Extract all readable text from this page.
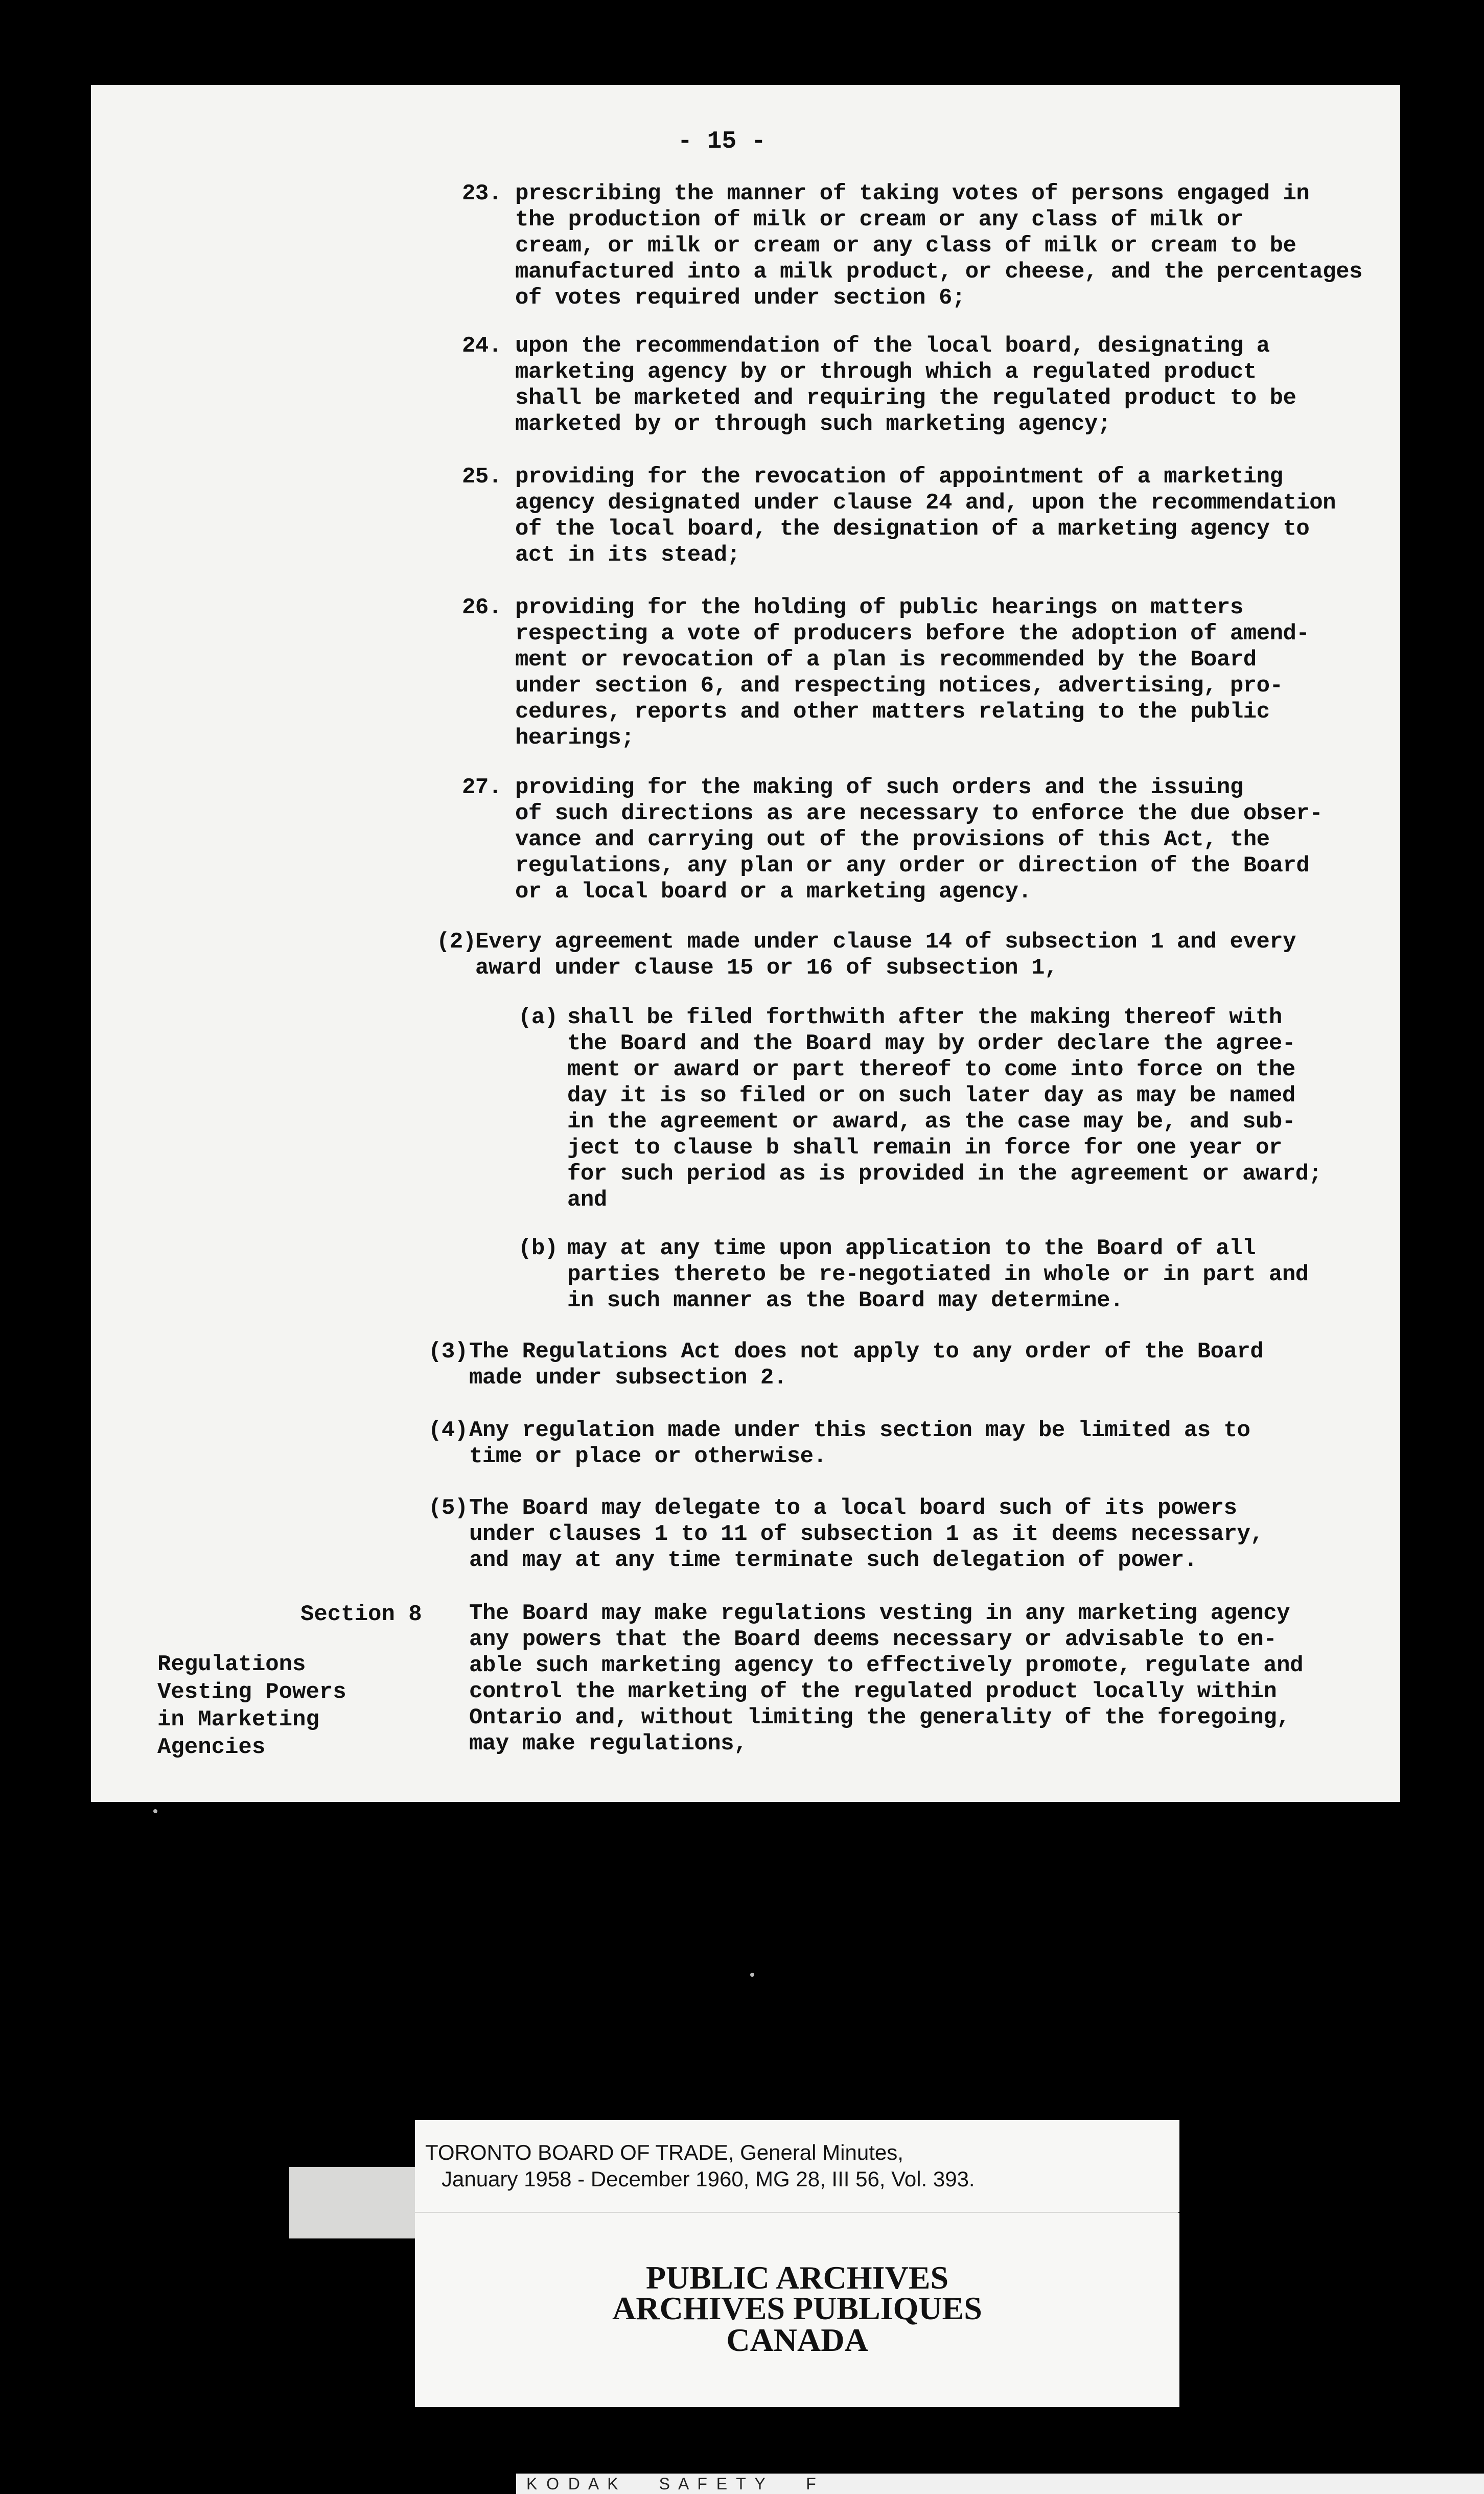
- 15 -
23. prescribing the manner of taking votes of persons engaged in
the production of milk or cream or any class of milk or
cream, or milk or cream or any class of milk or cream to be
manufactured into a milk product, or cheese, and the percentages
of votes required under section 6;
24. upon the recommendation of the local board, designating a
marketing agency by or through which a regulated product
shall be marketed and requiring the regulated product to be
marketed by or through such marketing agency;
25. providing for the revocation of appointment of a marketing
agency designated under clause 24 and, upon the recommendation
of the local board, the designation of a marketing agency to
act in its stead;
26. providing for the holding of public hearings on matters
respecting a vote of producers before the adoption of amend-
ment or revocation of a plan is recommended by the Board
under section 6, and respecting notices, advertising, pro-
cedures, reports and other matters relating to the public
hearings;
27. providing for the making of such orders and the issuing
of such directions as are necessary to enforce the due obser-
vance and carrying out of the provisions of this Act, the
regulations, any plan or any order or direction of the Board
or a local board or a marketing agency.
(2)
Every agreement made under clause 14 of subsection 1 and every
award under clause 15 or 16 of subsection 1,
(a) shall be filed forthwith after the making thereof with
the Board and the Board may by order declare the agree-
ment or award or part thereof to come into force on the
day it is so filed or on such later day as may be named
in the agreement or award, as the case may be, and sub-
ject to clause b shall remain in force for one year or
for such period as is provided in the agreement or award;
and
(b) may at any time upon application to the Board of all
parties thereto be re-negotiated in whole or in part and
in such manner as the Board may determine.
(3) The Regulations Act does not apply to any order of the Board
made under subsection 2.
(4) Any regulation made under this section may be limited as to
time or place or otherwise.
(5) The Board may delegate to a local board such of its powers
under clauses 1 to 11 of subsection 1 as it deems necessary,
and may at any time terminate such delegation of power.
Section 8
Regulations
Vesting Powers
in Marketing
Agencies
The Board may make regulations vesting in any marketing agency
any powers that the Board deems necessary or advisable to en-
able such marketing agency to effectively promote, regulate and
control the marketing of the regulated product locally within
Ontario and, without limiting the generality of the foregoing,
may make regulations,
TORONTO BOARD OF TRADE, General Minutes,
January 1958 - December 1960, MG 28, III 56, Vol. 393.
PUBLIC ARCHIVES
ARCHIVES PUBLIQUES
CANADA
K  O  D  A  K         S  A  F  E  T  Y         F
